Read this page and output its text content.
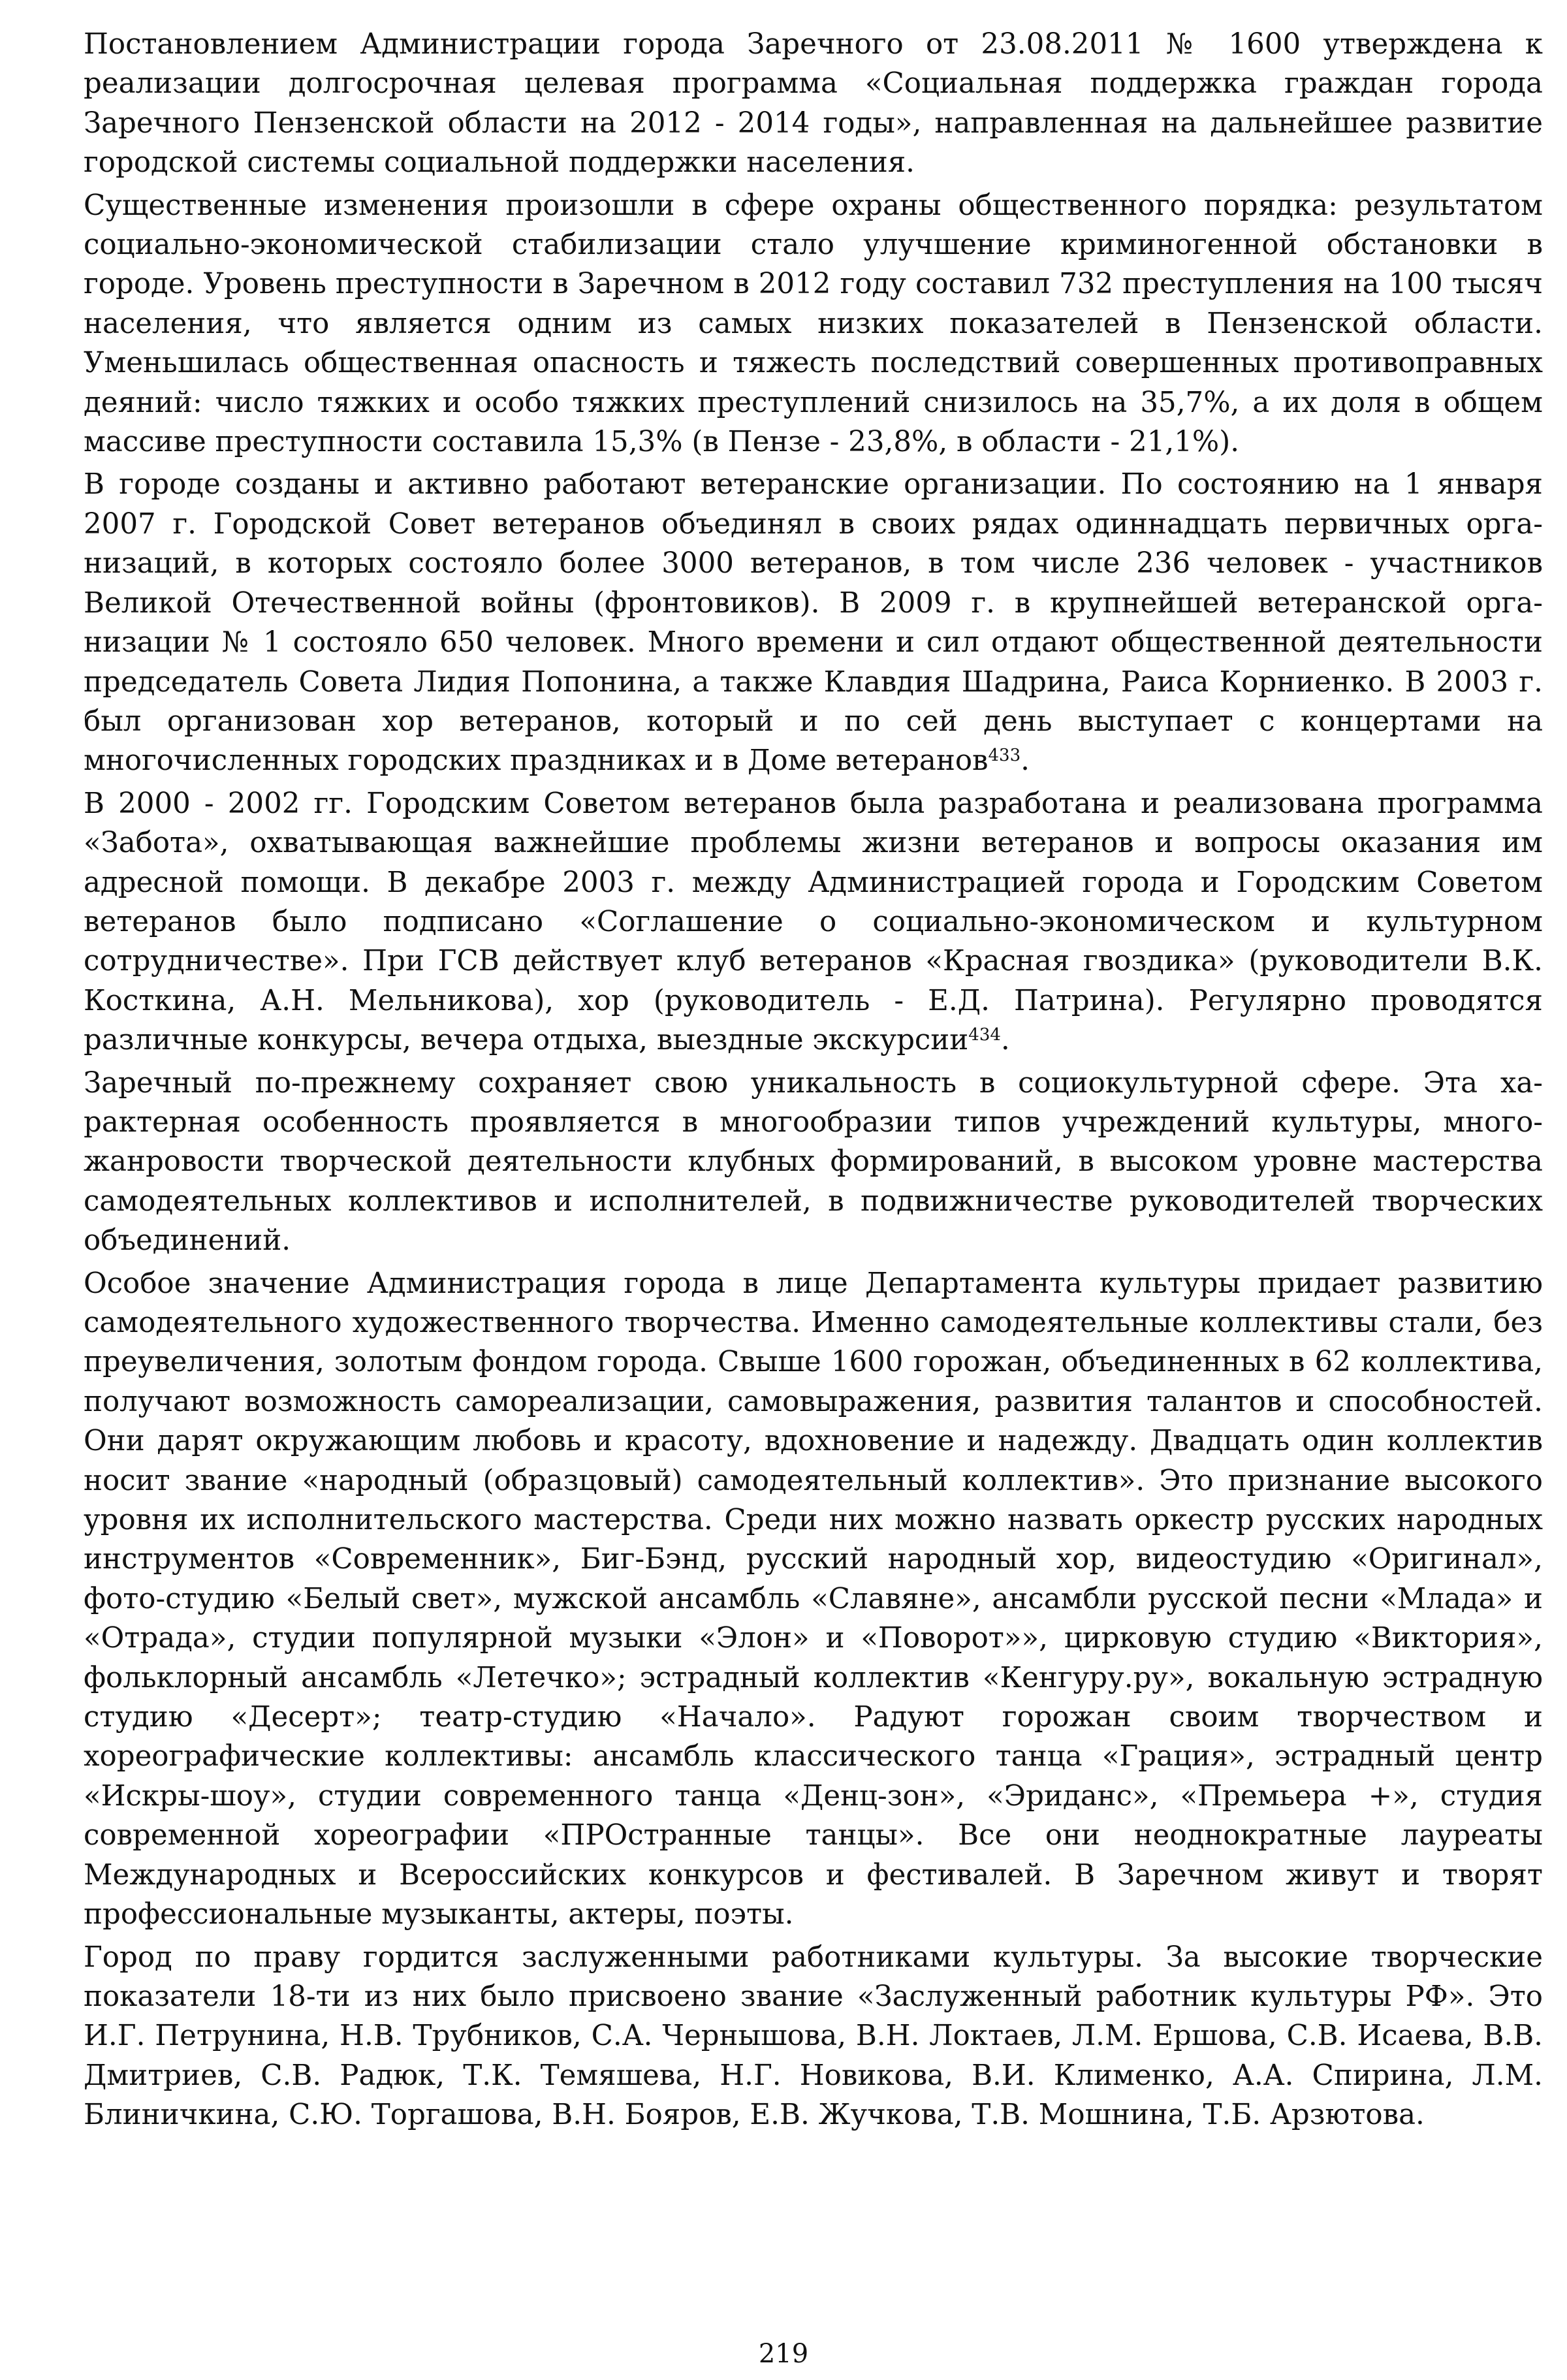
Постановлением Администрации города Заречного от 23.08.2011 № 1600 утверждена к реализации долгосрочная целевая программа «Социальная поддержка граждан города Заречного Пензенской области на 2012 - 2014 годы», направленная на дальнейшее развитие городской системы социальной поддержки населения.

Существенные изменения произошли в сфере охраны общественного порядка: результатом социально-экономической стабилизации стало улучшение криминогенной обстановки в городе. Уровень преступности в Заречном в 2012 году составил 732 преступления на 100 тысяч населения, что является одним из самых низких показателей в Пензенской области. Уменьшилась общественная опасность и тяжесть последствий совершенных противоправных деяний: число тяжких и особо тяжких преступлений снизилось на 35,7%, а их доля в общем массиве преступности составила 15,3% (в Пензе - 23,8%, в области - 21,1%).

В городе созданы и активно работают ветеранские организации. По состоянию на 1 января 2007 г. Городской Совет ветеранов объединял в своих рядах одиннадцать первичных организаций, в которых состояло более 3000 ветеранов, в том числе 236 человек - участников Великой Отечественной войны (фронтовиков). В 2009 г. в крупнейшей ветеранской организации № 1 состояло 650 человек. Много времени и сил отдают общественной деятельности председатель Совета Лидия Попонина, а также Клавдия Шадрина, Раиса Корниенко. В 2003 г. был организован хор ветеранов, который и по сей день выступает с концертами на многочисленных городских праздниках и в Доме ветеранов$^{433}$.

В 2000 - 2002 гг. Городским Советом ветеранов была разработана и реализована программа «Забота», охватывающая важнейшие проблемы жизни ветеранов и вопросы оказания им адресной помощи. В декабре 2003 г. между Администрацией города и Городским Советом ветеранов было подписано «Соглашение о социально-экономическом и культурном сотрудничестве». При ГСВ действует клуб ветеранов «Красная гвоздика» (руководители В.К. Косткина, А.Н. Мельникова), хор (руководитель - Е.Д. Патрина). Регулярно проводятся различные конкурсы, вечера отдыха, выездные экскурсии$^{434}$.

Заречный по-прежнему сохраняет свою уникальность в социокультурной сфере. Эта характерная особенность проявляется в многообразии типов учреждений культуры, многожанровости творческой деятельности клубных формирований, в высоком уровне мастерства самодеятельных коллективов и исполнителей, в подвижничестве руководителей творческих объединений.

Особое значение Администрация города в лице Департамента культуры придает развитию самодеятельного художественного творчества. Именно самодеятельные коллективы стали, без преувеличения, золотым фондом города. Свыше 1600 горожан, объединенных в 62 коллектива, получают возможность самореализации, самовыражения, развития талантов и способностей. Они дарят окружающим любовь и красоту, вдохновение и надежду. Двадцать один коллектив носит звание «народный (образцовый) самодеятельный коллектив». Это признание высокого уровня их исполнительского мастерства. Среди них можно назвать оркестр русских народных инструментов «Современник», Биг-Бэнд, русский народный хор, видеостудию «Оригинал», фото-студию «Белый свет», мужской ансамбль «Славяне», ансамбли русской песни «Млада» и «Отрада», студии популярной музыки «Элон» и «Поворот»», цирковую студию «Виктория», фольклорный ансамбль «Летечко»; эстрадный коллектив «Кенгуру.ру», вокальную эстрадную студию «Десерт»; театр-студию «Начало». Радуют горожан своим творчеством и хореографические коллективы: ансамбль классического танца «Грация», эстрадный центр «Искры-шоу», студии современного танца «Денц-зон», «Эриданс», «Премьера +», студия современной хореографии «ПРОстранные танцы». Все они неоднократные лауреаты Международных и Всероссийских конкурсов и фестивалей. В Заречном живут и творят профессиональные музыканты, актеры, поэты.

Город по праву гордится заслуженными работниками культуры. За высокие творческие показатели 18-ти из них было присвоено звание «Заслуженный работник культуры РФ». Это И.Г. Петрунина, Н.В. Трубников, С.А. Чернышова, В.Н. Локтаев, Л.М. Ершова, С.В. Исаева, В.В. Дмитриев, С.В. Радюк, Т.К. Темяшева, Н.Г. Новикова, В.И. Клименко, А.А. Спирина, Л.М. Блиничкина, С.Ю. Торгашова, В.Н. Бояров, Е.В. Жучкова, Т.В. Мошнина, Т.Б. Арзютова.

219
